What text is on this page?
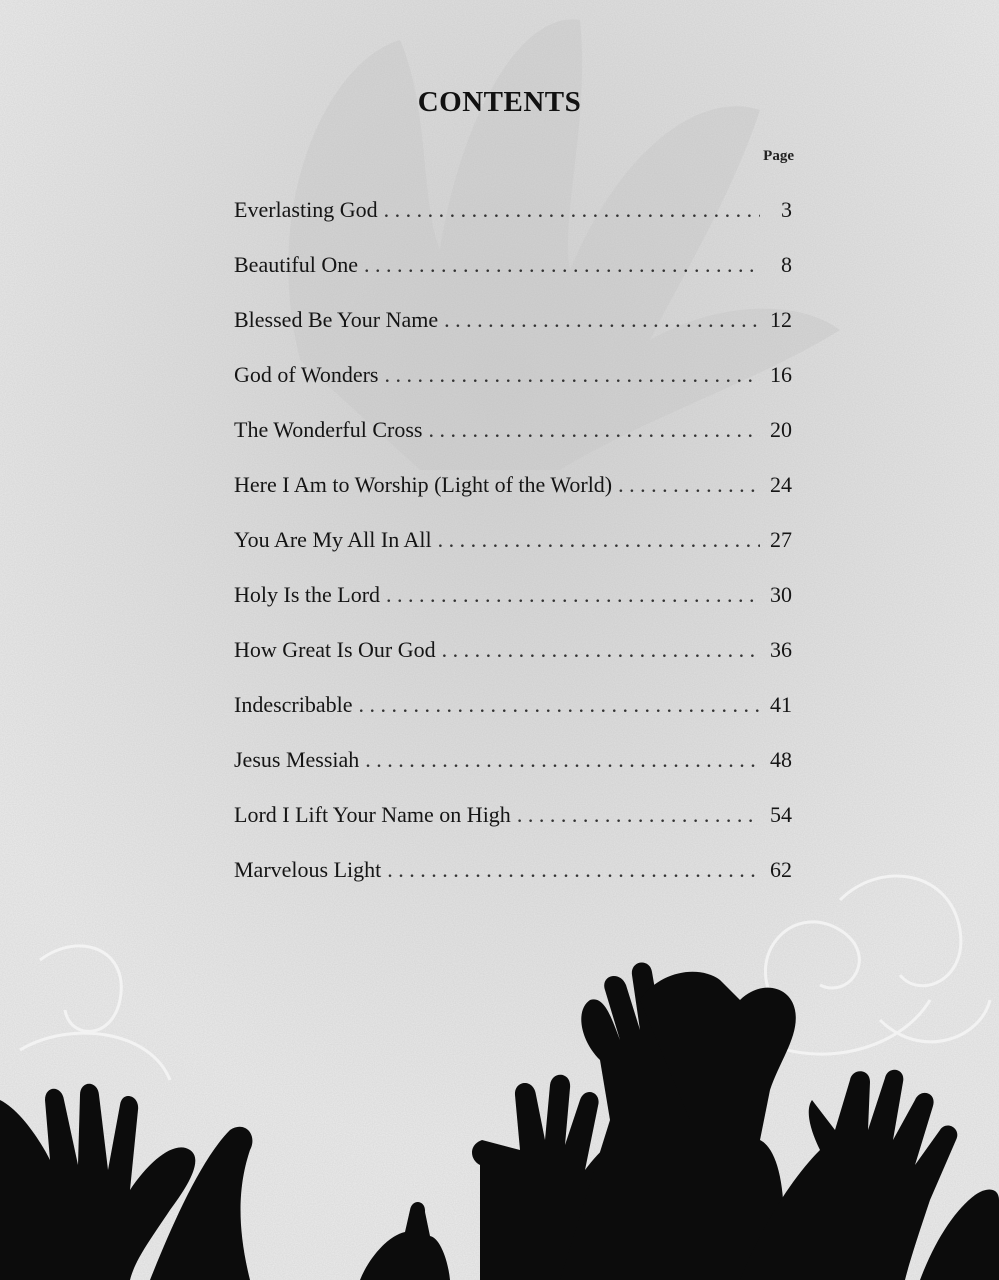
CONTENTS
Page
Everlasting God . . .	3
Beautiful One . . .	8
Blessed Be Your Name . . .	12
God of Wonders . . .	16
The Wonderful Cross . . .	20
Here I Am to Worship (Light of the World) . . .	24
You Are My All In All . . .	27
Holy Is the Lord . . .	30
How Great Is Our God . . .	36
Indescribable . . .	41
Jesus Messiah . . .	48
Lord I Lift Your Name on High . . .	54
Marvelous Light . . .	62
